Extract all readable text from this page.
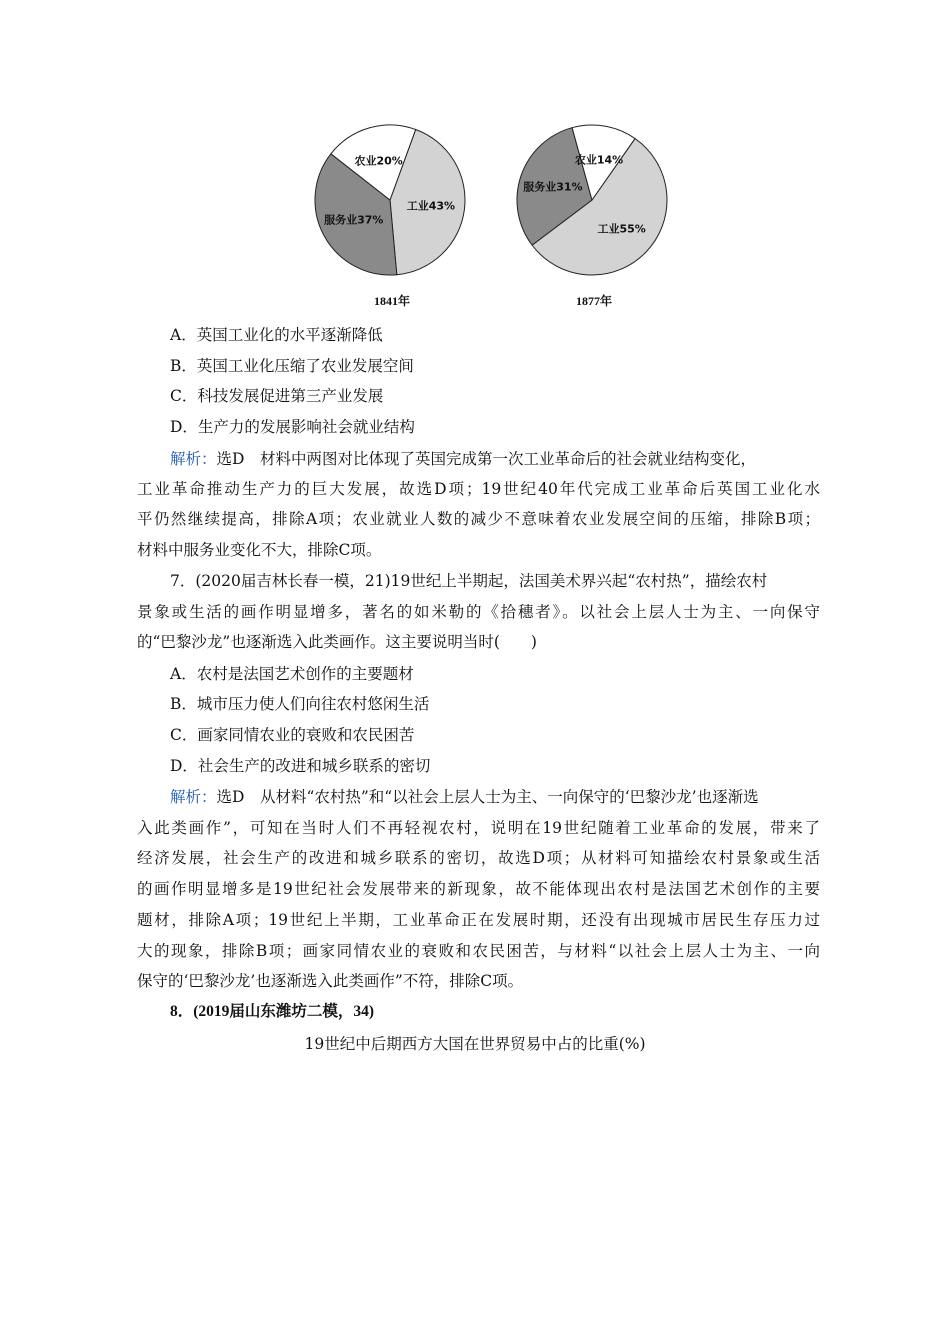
工业43%
服务业37%
农业20%
1841年
工业55%
服务业31%
农业14%
1877年
A．英国工业化的水平逐渐降低
B．英国工业化压缩了农业发展空间
C．科技发展促进第三产业发展
D．生产力的发展影响社会就业结构
解析：选D　材料中两图对比体现了英国完成第一次工业革命后的社会就业结构变化，
工业革命推动生产力的巨大发展，故选D项；19世纪40年代完成工业革命后英国工业化水
平仍然继续提高，排除A项；农业就业人数的减少不意味着农业发展空间的压缩，排除B项；
材料中服务业变化不大，排除C项。
7．(2020届吉林长春一模，21)19世纪上半期起，法国美术界兴起“农村热”，描绘农村
景象或生活的画作明显增多，著名的如米勒的《拾穗者》。以社会上层人士为主、一向保守
的“巴黎沙龙”也逐渐选入此类画作。这主要说明当时(　　)
A．农村是法国艺术创作的主要题材
B．城市压力使人们向往农村悠闲生活
C．画家同情农业的衰败和农民困苦
D．社会生产的改进和城乡联系的密切
解析：选D　从材料“农村热”和“以社会上层人士为主、一向保守的‘巴黎沙龙’也逐渐选
入此类画作”，可知在当时人们不再轻视农村，说明在19世纪随着工业革命的发展，带来了
经济发展，社会生产的改进和城乡联系的密切，故选D项；从材料可知描绘农村景象或生活
的画作明显增多是19世纪社会发展带来的新现象，故不能体现出农村是法国艺术创作的主要
题材，排除A项；19世纪上半期，工业革命正在发展时期，还没有出现城市居民生存压力过
大的现象，排除B项；画家同情农业的衰败和农民困苦，与材料“以社会上层人士为主、一向
保守的‘巴黎沙龙’也逐渐选入此类画作”不符，排除C项。
8．(2019届山东潍坊二模，34)
19世纪中后期西方大国在世界贸易中占的比重(%)
